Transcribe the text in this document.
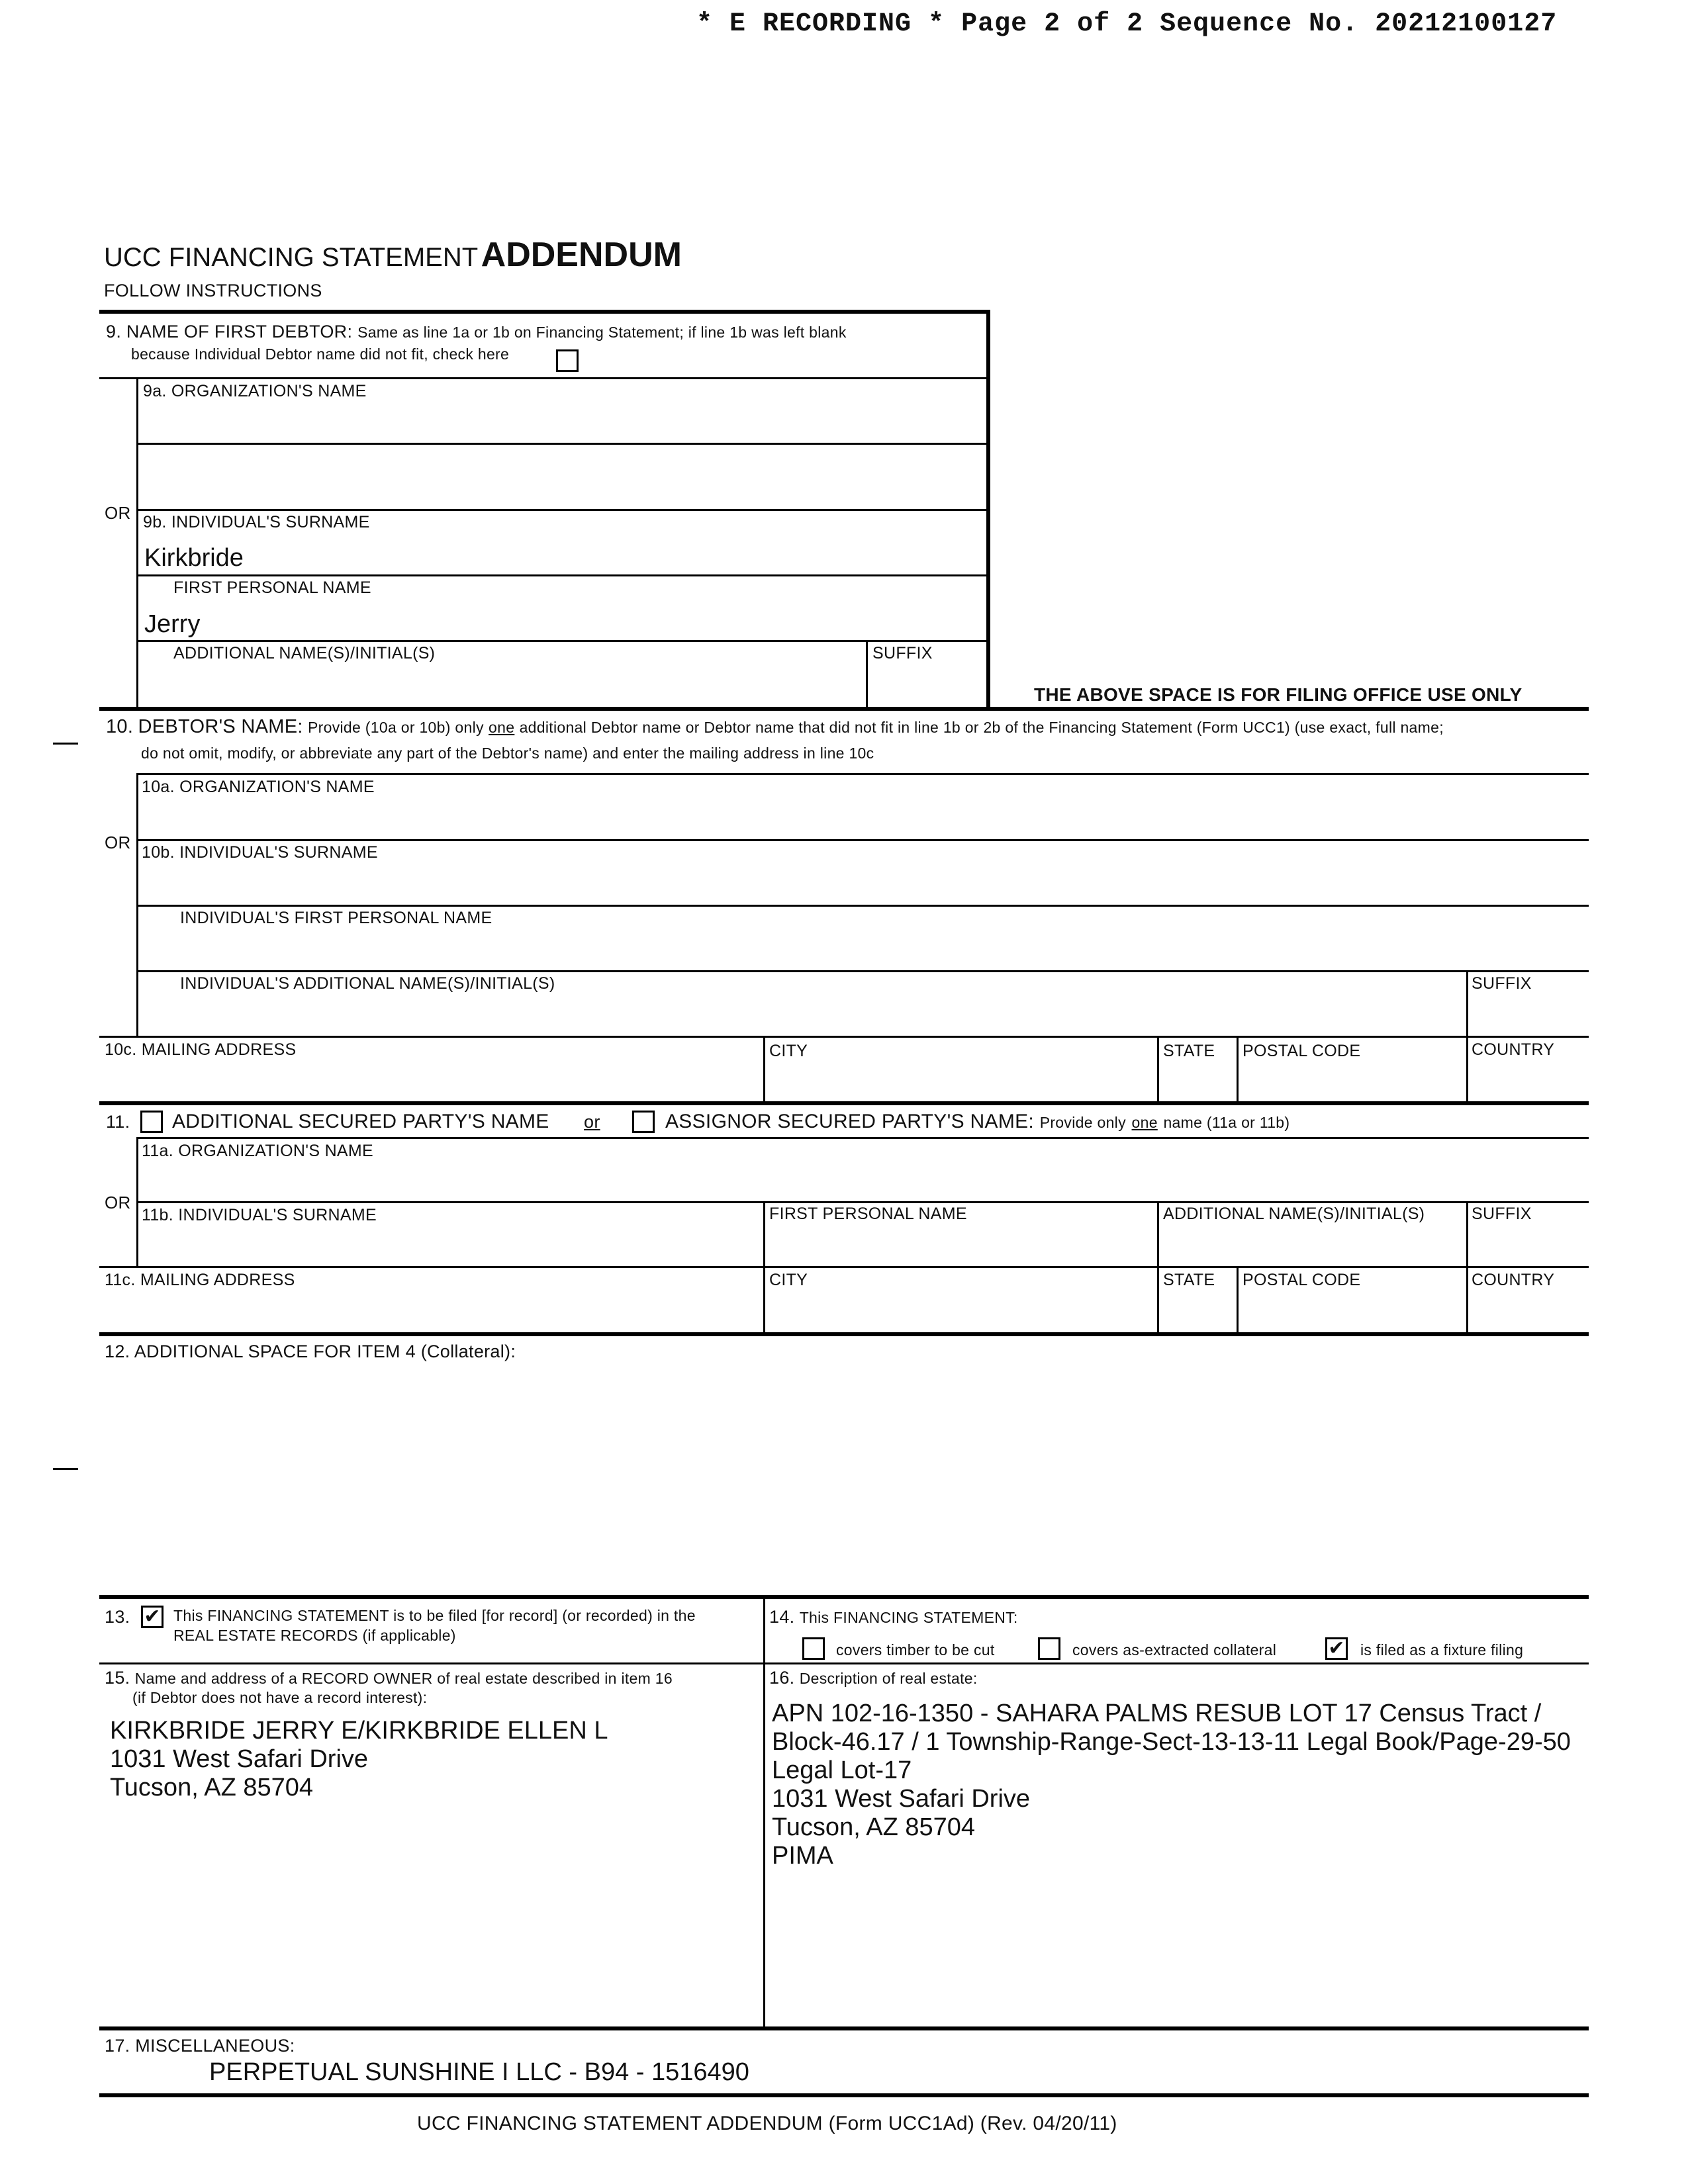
* E RECORDING * Page 2 of 2 Sequence No. 20212100127
UCC FINANCING STATEMENT ADDENDUM
FOLLOW INSTRUCTIONS
9. NAME OF FIRST DEBTOR: Same as line 1a or 1b on Financing Statement; if line 1b was left blank
because Individual Debtor name did not fit, check here
9a. ORGANIZATION'S NAME
OR 9b. INDIVIDUAL'S SURNAME
Kirkbride
FIRST PERSONAL NAME
Jerry
ADDITIONAL NAME(S)/INITIAL(S)	SUFFIX
THE ABOVE SPACE IS FOR FILING OFFICE USE ONLY
10. DEBTOR'S NAME: Provide (10a or 10b) only one additional Debtor name or Debtor name that did not fit in line 1b or 2b of the Financing Statement (Form UCC1) (use exact, full name;
do not omit, modify, or abbreviate any part of the Debtor's name) and enter the mailing address in line 10c
10a. ORGANIZATION'S NAME
OR 10b. INDIVIDUAL'S SURNAME
INDIVIDUAL'S FIRST PERSONAL NAME
INDIVIDUAL'S ADDITIONAL NAME(S)/INITIAL(S)	SUFFIX
10c. MAILING ADDRESS	CITY	STATE POSTAL CODE	COUNTRY
11. ADDITIONAL SECURED PARTY'S NAME or	ASSIGNOR SECURED PARTY'S NAME: Provide only one name (11a or 11b)
11a. ORGANIZATION'S NAME
OR
11b. INDIVIDUAL'S SURNAME	FIRST PERSONAL NAME	ADDITIONAL NAME(S)/INITIAL(S)	SUFFIX
11c. MAILING ADDRESS	CITY	STATE POSTAL CODE	COUNTRY
12. ADDITIONAL SPACE FOR ITEM 4 (Collateral):
13. ✔ This FINANCING STATEMENT is to be filed [for record] (or recorded) in the
REAL ESTATE RECORDS (if applicable)
14. This FINANCING STATEMENT:
covers timber to be cut	covers as-extracted collateral	✔ is filed as a fixture filing
15. Name and address of a RECORD OWNER of real estate described in item 16
(if Debtor does not have a record interest):
KIRKBRIDE JERRY E/KIRKBRIDE ELLEN L
1031 West Safari Drive
Tucson, AZ 85704
16. Description of real estate:
APN 102-16-1350 - SAHARA PALMS RESUB LOT 17 Census Tract /
Block-46.17 / 1 Township-Range-Sect-13-13-11 Legal Book/Page-29-50
Legal Lot-17
1031 West Safari Drive
Tucson, AZ 85704
PIMA
17. MISCELLANEOUS:
PERPETUAL SUNSHINE I LLC - B94 - 1516490
UCC FINANCING STATEMENT ADDENDUM (Form UCC1Ad) (Rev. 04/20/11)
